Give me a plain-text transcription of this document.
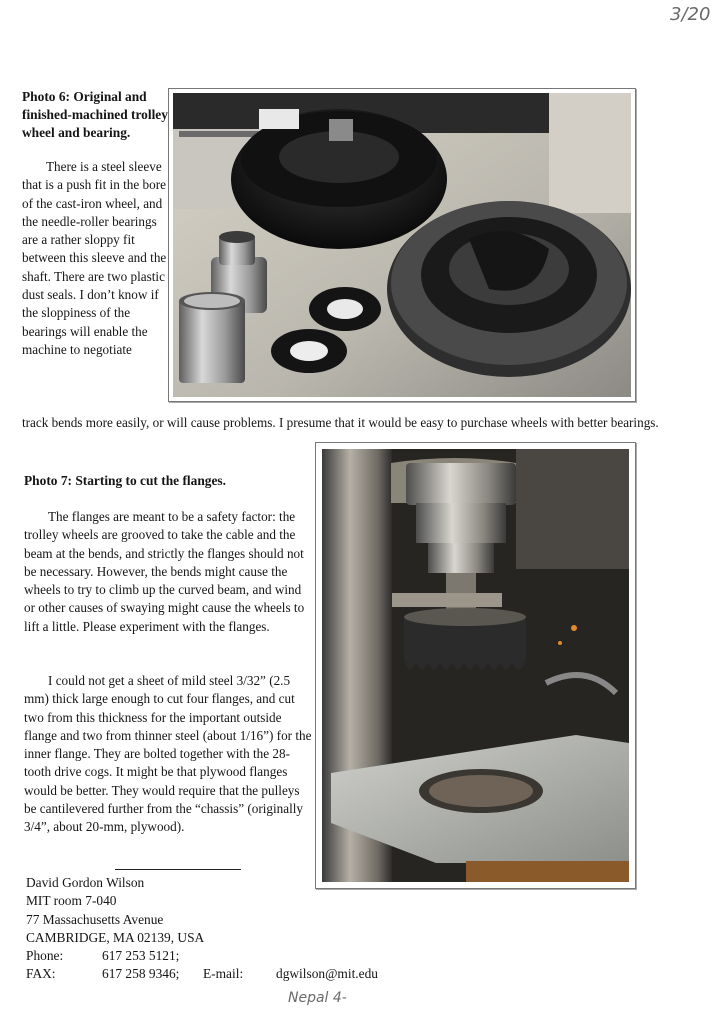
3/20

Photo 6: Original and finished-machined trolley wheel and bearing.

There is a steel sleeve that is a push fit in the bore of the cast-iron wheel, and the needle-roller bearings are a rather sloppy fit between this sleeve and the shaft. There are two plastic dust seals. I don’t know if the sloppiness of the bearings will enable the machine to negotiate

track bends more easily, or will cause problems. I presume that it would be easy to purchase wheels with better bearings.

Photo 7: Starting to cut the flanges.

The flanges are meant to be a safety factor: the trolley wheels are grooved to take the cable and the beam at the bends, and strictly the flanges should not be necessary. However, the bends might cause the wheels to try to climb up the curved beam, and wind or other causes of swaying might cause the wheels to lift a little. Please experiment with the flanges.

I could not get a sheet of mild steel 3/32” (2.5 mm) thick large enough to cut four flanges, and cut two from this thickness for the important outside flange and two from thinner steel (about 1/16”) for the inner flange. They are bolted together with the 28-tooth drive cogs. It might be that plywood flanges would be better. They would require that the pulleys be cantilevered further from the “chassis” (originally 3/4”, about 20-mm, plywood).

David Gordon Wilson
MIT room 7-040
77 Massachusetts Avenue
CAMBRIDGE, MA 02139, USA
Phone:	617 253 5121;
FAX:	617 258 9346; E-mail: dgwilson@mit.edu
Nepal 4-
